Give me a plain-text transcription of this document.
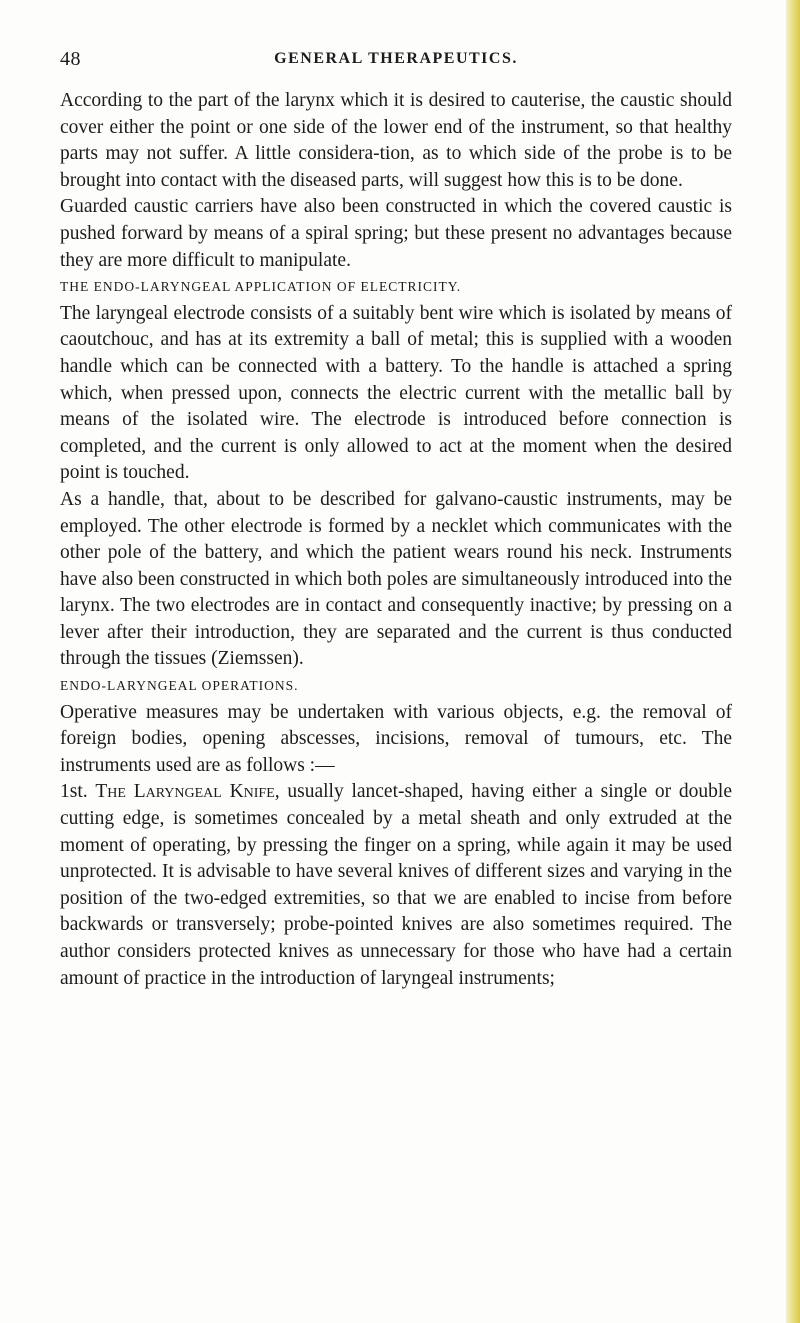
48	GENERAL THERAPEUTICS.

According to the part of the larynx which it is desired to cauterise, the caustic should cover either the point or one side of the lower end of the instrument, so that healthy parts may not suffer. A little considera-tion, as to which side of the probe is to be brought into contact with the diseased parts, will suggest how this is to be done.

Guarded caustic carriers have also been constructed in which the covered caustic is pushed forward by means of a spiral spring; but these present no advantages because they are more difficult to manipulate.

THE ENDO-LARYNGEAL APPLICATION OF ELECTRICITY.

The laryngeal electrode consists of a suitably bent wire which is isolated by means of caoutchouc, and has at its extremity a ball of metal; this is supplied with a wooden handle which can be connected with a battery. To the handle is attached a spring which, when pressed upon, connects the electric current with the metallic ball by means of the isolated wire. The electrode is introduced before connection is completed, and the current is only allowed to act at the moment when the desired point is touched.

As a handle, that, about to be described for galvano-caustic instruments, may be employed. The other electrode is formed by a necklet which communicates with the other pole of the battery, and which the patient wears round his neck. Instruments have also been constructed in which both poles are simultaneously introduced into the larynx. The two electrodes are in contact and consequently inactive; by pressing on a lever after their introduction, they are separated and the current is thus conducted through the tissues (Ziemssen).

ENDO-LARYNGEAL OPERATIONS.

Operative measures may be undertaken with various objects, e.g. the removal of foreign bodies, opening abscesses, incisions, removal of tumours, etc. The instruments used are as follows :—

1st. The Laryngeal Knife, usually lancet-shaped, having either a single or double cutting edge, is sometimes concealed by a metal sheath and only extruded at the moment of operating, by pressing the finger on a spring, while again it may be used unprotected. It is advisable to have several knives of different sizes and varying in the position of the two-edged extremities, so that we are enabled to incise from before backwards or transversely; probe-pointed knives are also sometimes required. The author considers protected knives as unnecessary for those who have had a certain amount of practice in the introduction of laryngeal instruments;
